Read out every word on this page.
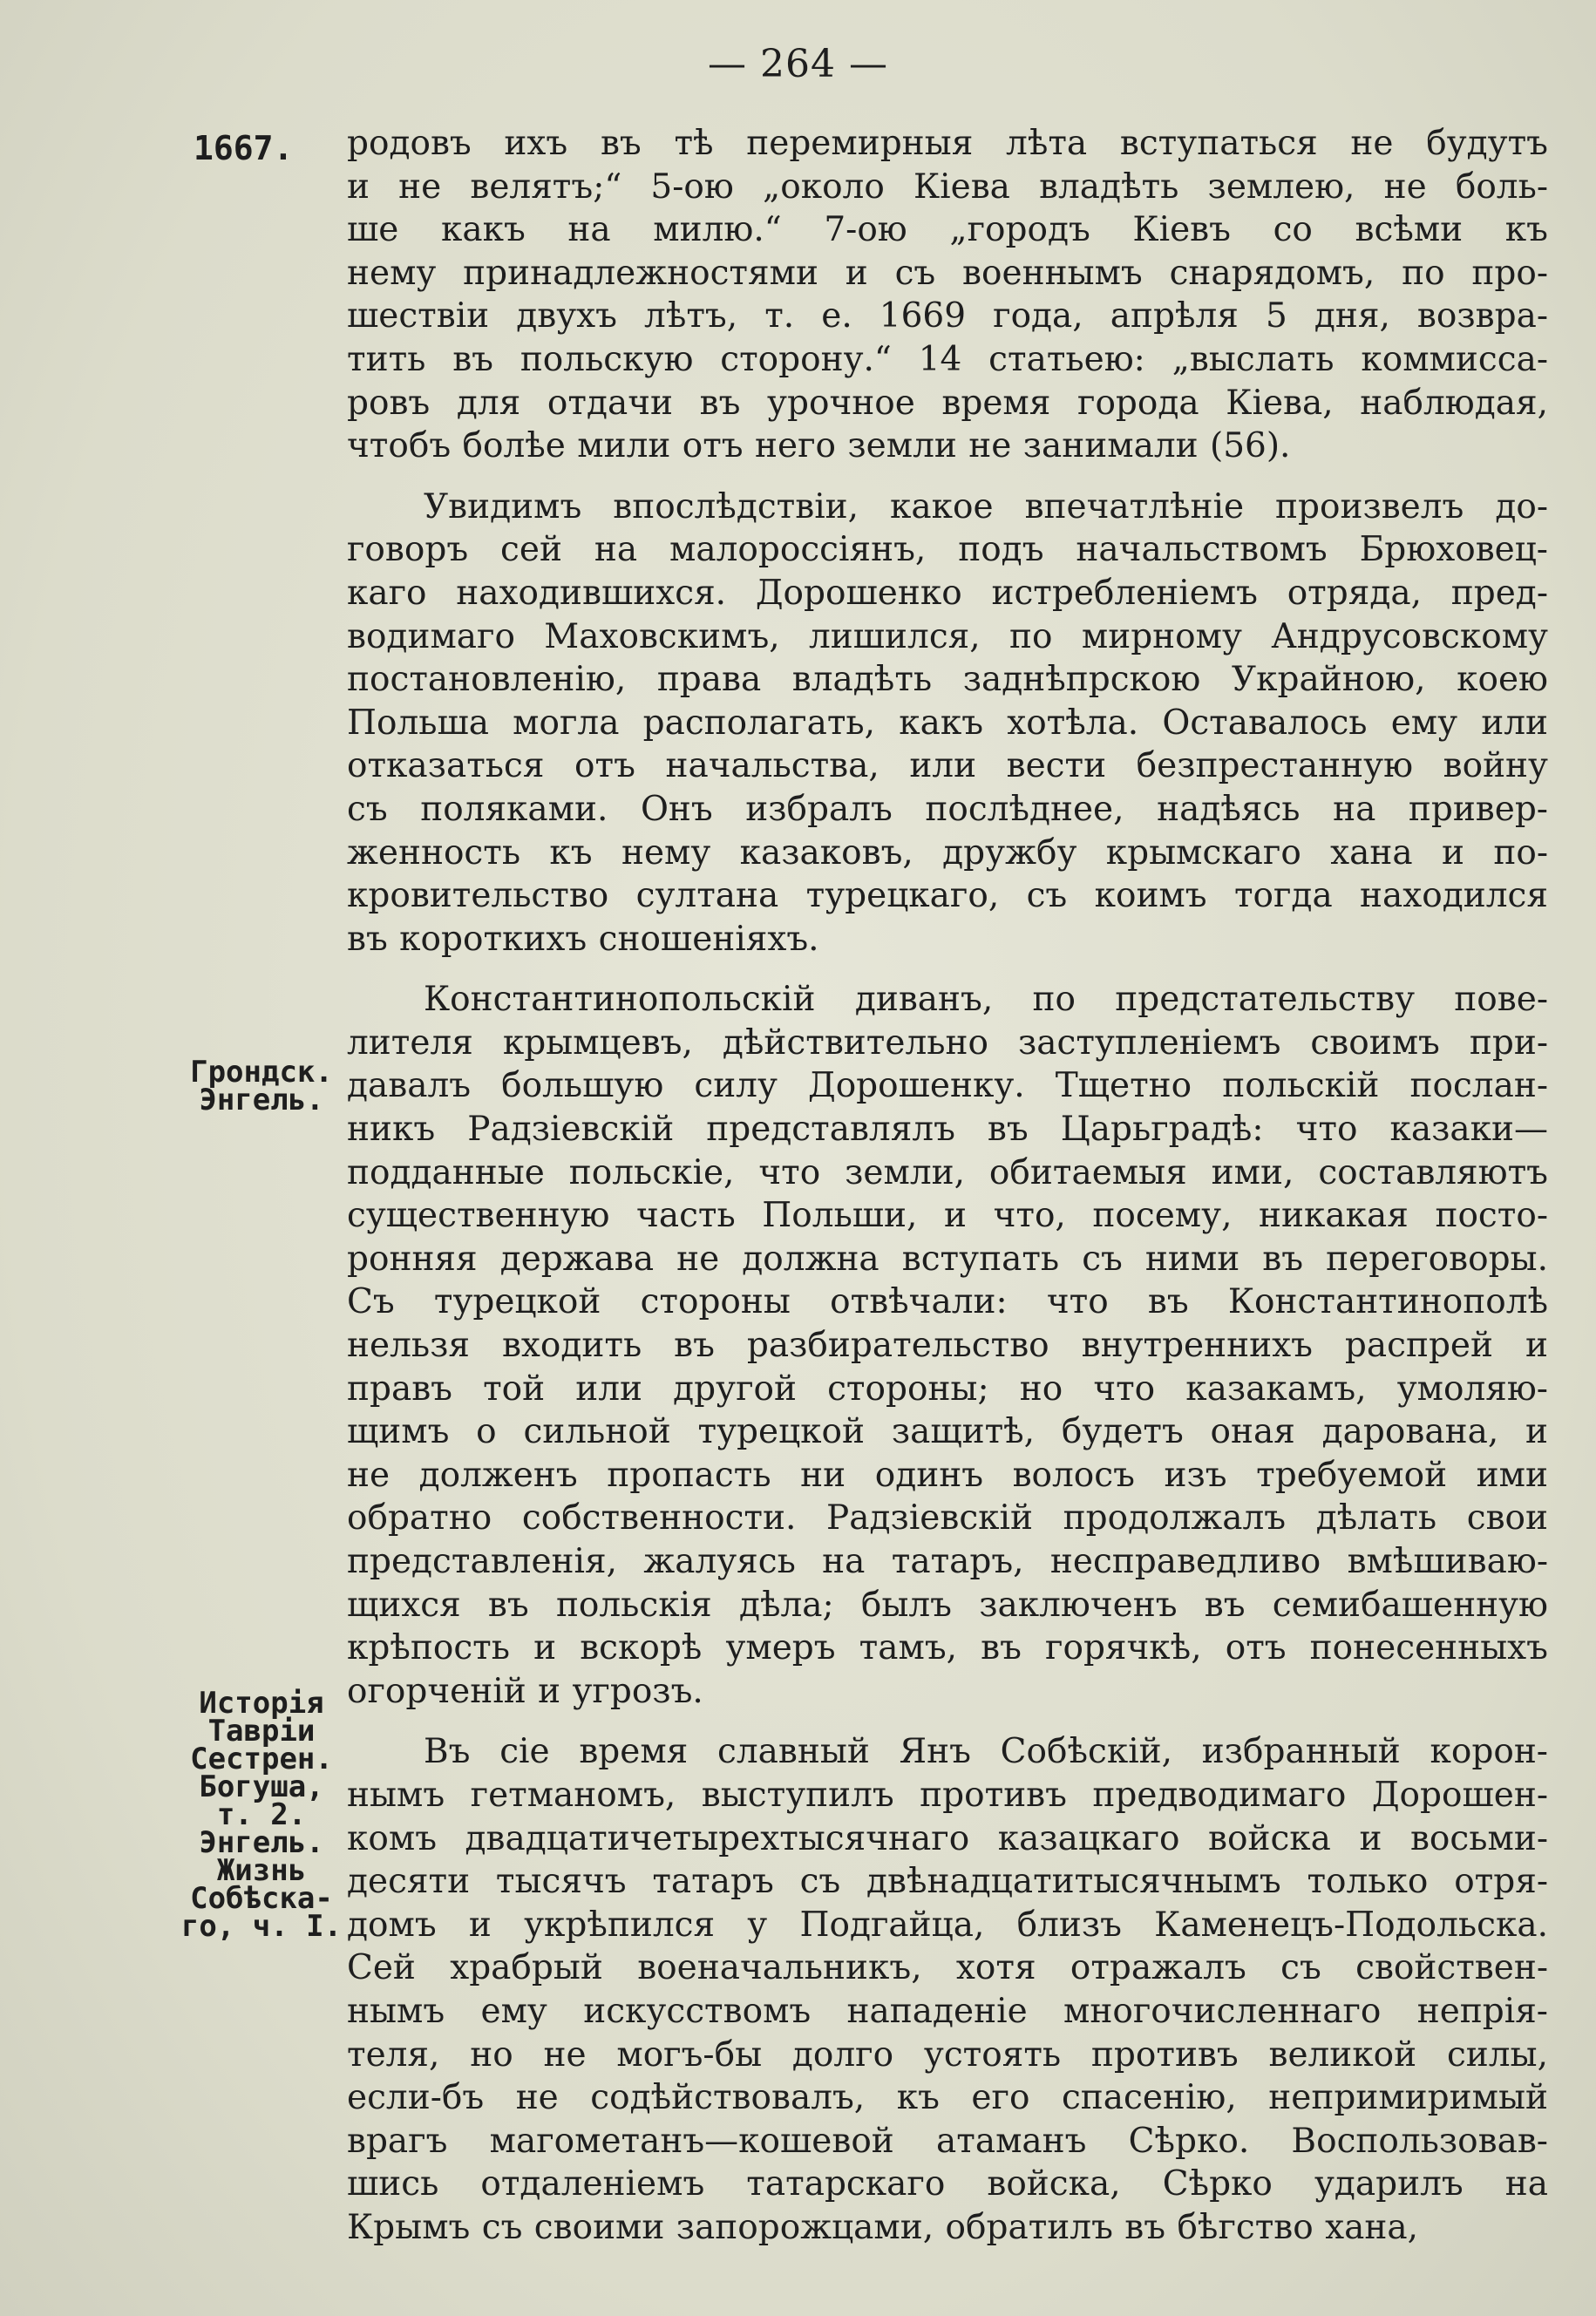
— 264 —
1667.
Грондск.
Энгель.
Исторія
Тавріи
Сестрен.
Богуша,
т. 2.
Энгель.
Жизнь
Собѣска-
го, ч. І.
родовъ ихъ въ тѣ перемирныя лѣта вступаться не будутъ
и не велятъ;“ 5-ою „около Кіева владѣть землею, не боль-
ше какъ на милю.“ 7-ою „городъ Кіевъ со всѣми къ
нему принадлежностями и съ военнымъ снарядомъ, по про-
шествіи двухъ лѣтъ, т. е. 1669 года, апрѣля 5 дня, возвра-
тить въ польскую сторону.“ 14 статьею: „выслать коммисса-
ровъ для отдачи въ урочное время города Кіева, наблюдая,
чтобъ болѣе мили отъ него земли не занимали (56).
Увидимъ впослѣдствіи, какое впечатлѣніе произвелъ до-
говоръ сей на малороссіянъ, подъ начальствомъ Брюховец-
каго находившихся. Дорошенко истребленіемъ отряда, пред-
водимаго Маховскимъ, лишился, по мирному Андрусовскому
постановленію, права владѣть заднѣпрскою Украйною, коею
Польша могла располагать, какъ хотѣла. Оставалось ему или
отказаться отъ начальства, или вести безпрестанную войну
съ поляками. Онъ избралъ послѣднее, надѣясь на привер-
женность къ нему казаковъ, дружбу крымскаго хана и по-
кровительство султана турецкаго, съ коимъ тогда находился
въ короткихъ сношеніяхъ.
Константинопольскій диванъ, по предстательству пове-
лителя крымцевъ, дѣйствительно заступленіемъ своимъ при-
давалъ большую силу Дорошенку. Тщетно польскій послан-
никъ Радзіевскій представлялъ въ Царьградѣ: что казаки—
подданные польскіе, что земли, обитаемыя ими, составляютъ
существенную часть Польши, и что, посему, никакая посто-
ронняя держава не должна вступать съ ними въ переговоры.
Съ турецкой стороны отвѣчали: что въ Константинополѣ
нельзя входить въ разбирательство внутреннихъ распрей и
правъ той или другой стороны; но что казакамъ, умоляю-
щимъ о сильной турецкой защитѣ, будетъ оная дарована, и
не долженъ пропасть ни одинъ волосъ изъ требуемой ими
обратно собственности. Радзіевскій продолжалъ дѣлать свои
представленія, жалуясь на татаръ, несправедливо вмѣшиваю-
щихся въ польскія дѣла; былъ заключенъ въ семибашенную
крѣпость и вскорѣ умеръ тамъ, въ горячкѣ, отъ понесенныхъ
огорченій и угрозъ.
Въ сіе время славный Янъ Собѣскій, избранный корон-
нымъ гетманомъ, выступилъ противъ предводимаго Дорошен-
комъ двадцатичетырехтысячнаго казацкаго войска и восьми-
десяти тысячъ татаръ съ двѣнадцатитысячнымъ только отря-
домъ и укрѣпился у Подгайца, близъ Каменецъ-Подольска.
Сей храбрый военачальникъ, хотя отражалъ съ свойствен-
нымъ ему искусствомъ нападеніе многочисленнаго непрія-
теля, но не могъ-бы долго устоять противъ великой силы,
если-бъ не содѣйствовалъ, къ его спасенію, непримиримый
врагъ магометанъ—кошевой атаманъ Сѣрко. Воспользовав-
шись отдаленіемъ татарскаго войска, Сѣрко ударилъ на
Крымъ съ своими запорожцами, обратилъ въ бѣгство хана,
